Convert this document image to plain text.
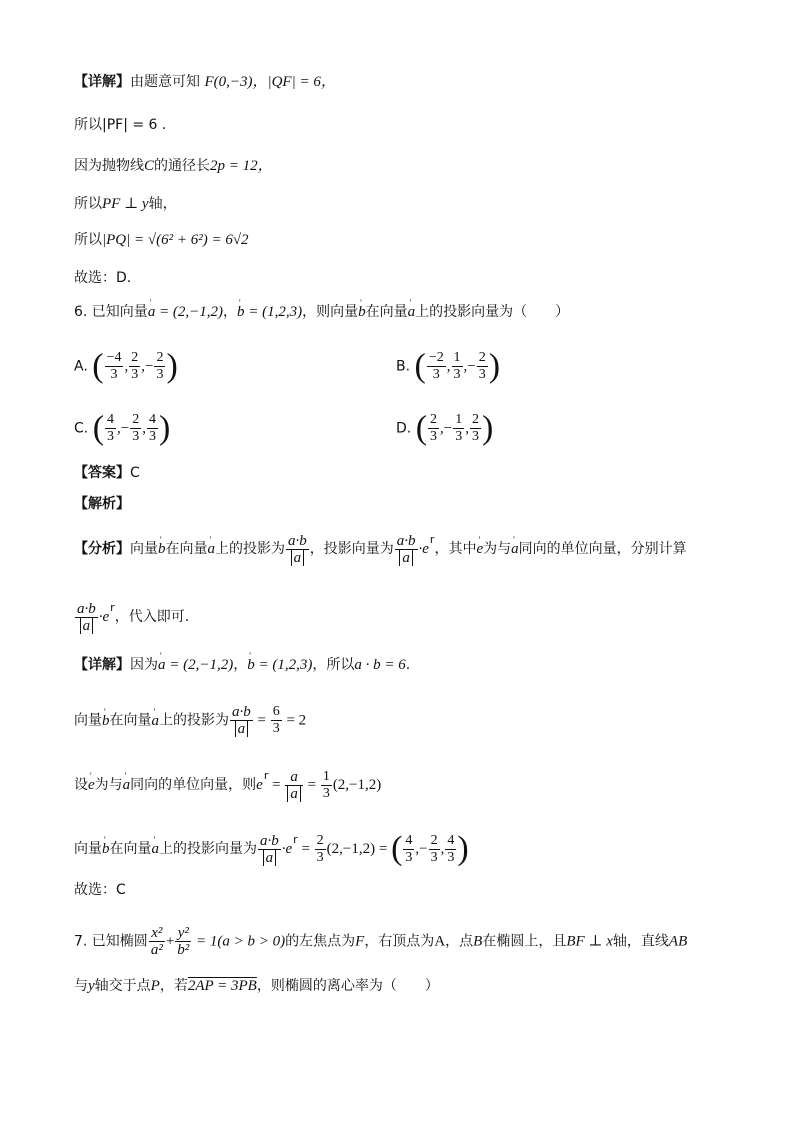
【详解】由题意可知 F(0,−3)，|QF| = 6，
所以|PF| = 6 .
因为抛物线C的通径长2p = 12，
所以PF ⊥ y轴，
所以|PQ| = √(6² + 6²) = 6√2
故选：D.
6. 已知向量' a = (2,−1,2)，' b = (1,2,3)，则向量' b在向量' a上的投影向量为（　　）
A. ( $\frac{-4}{3}$ , $\frac{2}{3}$ ,− $\frac{2}{3}$ )	B. ( $\frac{-2}{3}$ , $\frac{1}{3}$ ,− $\frac{2}{3}$ )
C. ( $\frac{4}{3}$ ,− $\frac{2}{3}$ , $\frac{4}{3}$ )	D. ( $\frac{2}{3}$ ,− $\frac{1}{3}$ , $\frac{2}{3}$ )
【答案】C
【解析】
【分析】向量' b在向量' a上的投影为 $\frac{a\cdot b}{a}$ ，投影向量为 $\frac{a\cdot b}{a} \cdot e^r$，其中' e为与' a同向的单位向量，分别计算
$\frac{a\cdot b}{a} \cdot e^r$，代入即可.
【详解】因为' a = (2,−1,2)，' b = (1,2,3)，所以a · b = 6.
向量' b在向量' a上的投影为 $\frac{a\cdot b}{a} = \frac{6}{3} = 2$
设' e为与' a同向的单位向量，则$e^r = \frac{a}{a} = \frac{1}{3} (2,-1,2)$
向量' b在向量' a上的投影向量为 $\frac{a\cdot b}{a} \cdot e^r = \frac{2}{3} (2,-1,2)$ = ( $\frac{4}{3}$ ,− $\frac{2}{3}$ , $\frac{4}{3}$ )
故选：C
7. 已知椭圆 $\frac{\text{x²}}{\text{a²}} + \frac{\text{y²}}{\text{b²}} = 1(a > b > 0)$的左焦点为F，右顶点为A，点B在椭圆上，且BF ⊥ x轴，直线AB
与y轴交于点P，若2AP = 3PB，则椭圆的离心率为（　　）
